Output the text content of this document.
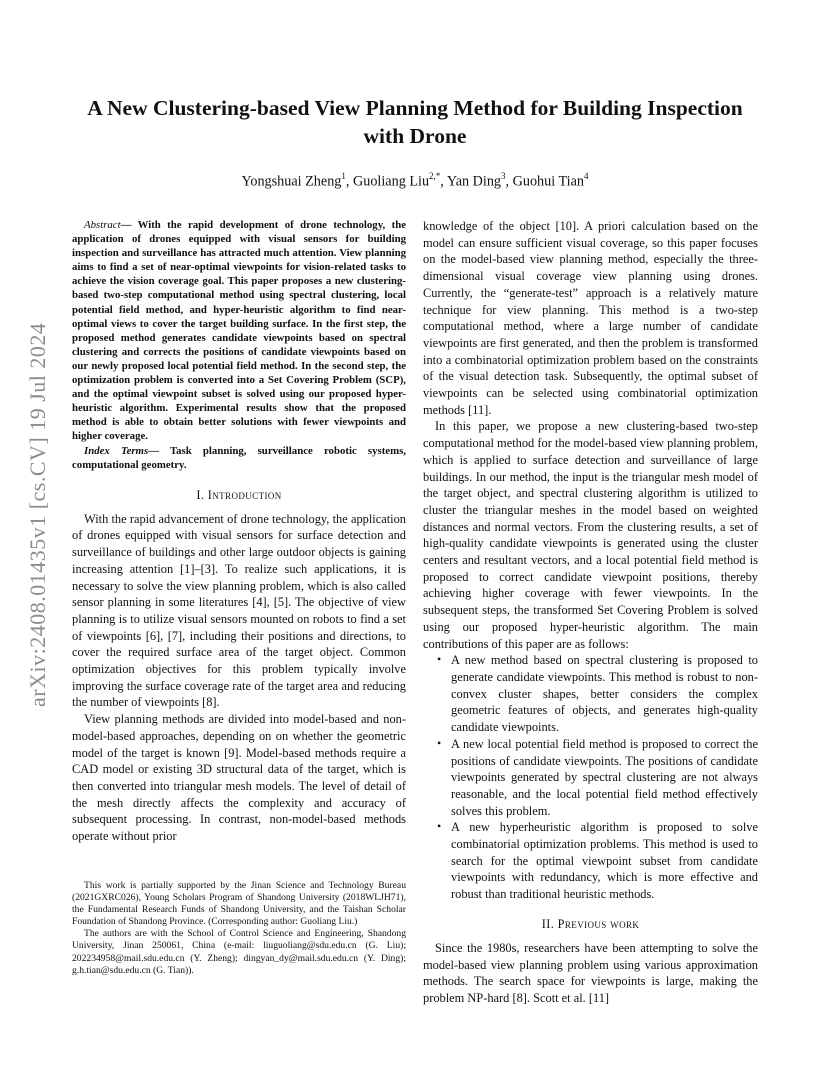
arXiv:2408.01435v1 [cs.CV] 19 Jul 2024
A New Clustering-based View Planning Method for Building Inspection with Drone
Yongshuai Zheng$^1$, Guoliang Liu$^{2,*}$, Yan Ding$^3$, Guohui Tian$^4$
Abstract— With the rapid development of drone technology, the application of drones equipped with visual sensors for building inspection and surveillance has attracted much attention. View planning aims to find a set of near-optimal viewpoints for vision-related tasks to achieve the vision coverage goal. This paper proposes a new clustering-based two-step computational method using spectral clustering, local potential field method, and hyper-heuristic algorithm to find near-optimal views to cover the target building surface. In the first step, the proposed method generates candidate viewpoints based on spectral clustering and corrects the positions of candidate viewpoints based on our newly proposed local potential field method. In the second step, the optimization problem is converted into a Set Covering Problem (SCP), and the optimal viewpoint subset is solved using our proposed hyper-heuristic algorithm. Experimental results show that the proposed method is able to obtain better solutions with fewer viewpoints and higher coverage.
Index Terms— Task planning, surveillance robotic systems, computational geometry.
I. Introduction

With the rapid advancement of drone technology, the application of drones equipped with visual sensors for surface detection and surveillance of buildings and other large outdoor objects is gaining increasing attention [1]–[3]. To realize such applications, it is necessary to solve the view planning problem, which is also called sensor planning in some literatures [4], [5]. The objective of view planning is to utilize visual sensors mounted on robots to find a set of viewpoints [6], [7], including their positions and directions, to cover the required surface area of the target object. Common optimization objectives for this problem typically involve improving the surface coverage rate of the target area and reducing the number of viewpoints [8].

View planning methods are divided into model-based and non-model-based approaches, depending on on whether the geometric model of the target is known [9]. Model-based methods require a CAD model or existing 3D structural data of the target, which is then converted into triangular mesh models. The level of detail of the mesh directly affects the complexity and accuracy of subsequent processing. In contrast, non-model-based methods operate without prior

This work is partially supported by the Jinan Science and Technology Bureau (2021GXRC026), Young Scholars Program of Shandong University (2018WLJH71), the Fundamental Research Funds of Shandong University, and the Taishan Scholar Foundation of Shandong Province. (Corresponding author: Guoliang Liu.)

The authors are with the School of Control Science and Engineering, Shandong University, Jinan 250061, China (e-mail: liuguoliang@sdu.edu.cn (G. Liu); 202234958@mail.sdu.edu.cn (Y. Zheng); dingyan_dy@mail.sdu.edu.cn (Y. Ding); g.h.tian@sdu.edu.cn (G. Tian)).

knowledge of the object [10]. A priori calculation based on the model can ensure sufficient visual coverage, so this paper focuses on the model-based view planning method, especially the three-dimensional visual coverage view planning using drones. Currently, the “generate-test” approach is a relatively mature technique for view planning. This method is a two-step computational method, where a large number of candidate viewpoints are first generated, and then the problem is transformed into a combinatorial optimization problem based on the constraints of the visual detection task. Subsequently, the optimal subset of viewpoints can be selected using combinatorial optimization methods [11].

In this paper, we propose a new clustering-based two-step computational method for the model-based view planning problem, which is applied to surface detection and surveillance of large buildings. In our method, the input is the triangular mesh model of the target object, and spectral clustering algorithm is utilized to cluster the triangular meshes in the model based on weighted distances and normal vectors. From the clustering results, a set of high-quality candidate viewpoints is generated using the cluster centers and resultant vectors, and a local potential field method is proposed to correct candidate viewpoint positions, thereby achieving higher coverage with fewer viewpoints. In the subsequent steps, the transformed Set Covering Problem is solved using our proposed hyper-heuristic algorithm. The main contributions of this paper are as follows:

• A new method based on spectral clustering is proposed to generate candidate viewpoints. This method is robust to non-convex cluster shapes, better considers the complex geometric features of objects, and generates high-quality candidate viewpoints.
• A new local potential field method is proposed to correct the positions of candidate viewpoints. The positions of candidate viewpoints generated by spectral clustering are not always reasonable, and the local potential field method effectively solves this problem.
• A new hyperheuristic algorithm is proposed to solve combinatorial optimization problems. This method is used to search for the optimal viewpoint subset from candidate viewpoints with redundancy, which is more effective and robust than traditional heuristic methods.
II. Previous work

Since the 1980s, researchers have been attempting to solve the model-based view planning problem using various approximation methods. The search space for viewpoints is large, making the problem NP-hard [8]. Scott et al. [11]
